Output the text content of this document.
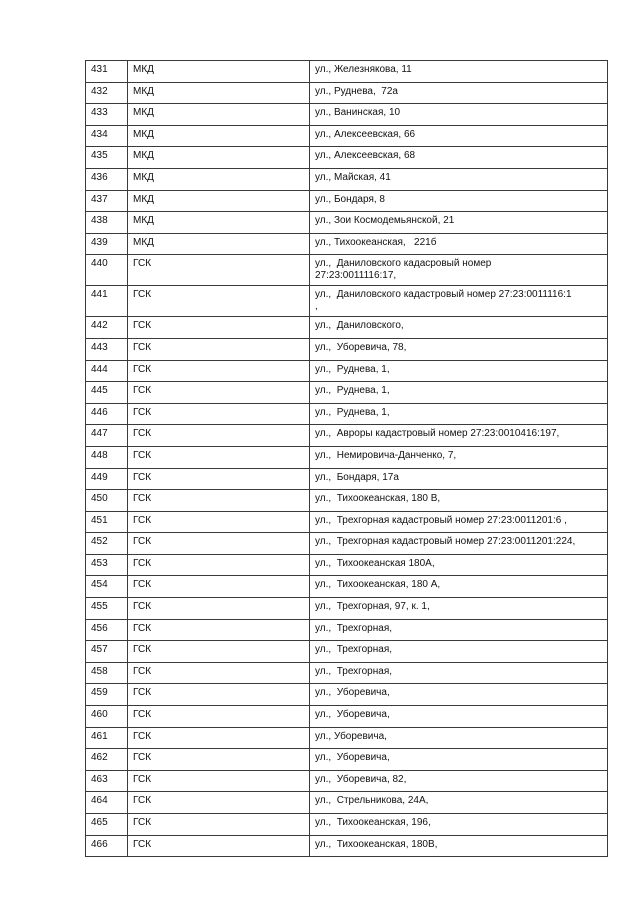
431	МКД	ул., Железнякова, 11
432	МКД	ул., Руднева,  72а
433	МКД	ул., Ванинская, 10
434	МКД	ул., Алексеевская, 66
435	МКД	ул., Алексеевская, 68
436	МКД	ул., Майская, 41
437	МКД	ул., Бондаря, 8
438	МКД	ул., Зои Космодемьянской, 21
439	МКД	ул., Тихоокеанская,   221б
440	ГСК	ул.,  Даниловского кадасровый номер
27:23:0011116:17,
441	ГСК	ул.,  Даниловского кадастровый номер 27:23:0011116:1
,
442	ГСК	ул.,  Даниловского,
443	ГСК	ул.,  Уборевича, 78,
444	ГСК	ул.,  Руднева, 1,
445	ГСК	ул.,  Руднева, 1,
446	ГСК	ул.,  Руднева, 1,
447	ГСК	ул.,  Авроры кадастровый номер 27:23:0010416:197,
448	ГСК	ул.,  Немировича-Данченко, 7,
449	ГСК	ул.,  Бондаря, 17а
450	ГСК	ул.,  Тихоокеанская, 180 В,
451	ГСК	ул.,  Трехгорная кадастровый номер 27:23:0011201:6 ,
452	ГСК	ул.,  Трехгорная кадастровый номер 27:23:0011201:224,
453	ГСК	ул.,  Тихоокеанская 180А,
454	ГСК	ул.,  Тихоокеанская, 180 А,
455	ГСК	ул.,  Трехгорная, 97, к. 1,
456	ГСК	ул.,  Трехгорная,
457	ГСК	ул.,  Трехгорная,
458	ГСК	ул.,  Трехгорная,
459	ГСК	ул.,  Уборевича,
460	ГСК	ул.,  Уборевича,
461	ГСК	ул., Уборевича,
462	ГСК	ул.,  Уборевича,
463	ГСК	ул.,  Уборевича, 82,
464	ГСК	ул.,  Стрельникова, 24А,
465	ГСК	ул.,  Тихоокеанская, 196,
466	ГСК	ул.,  Тихоокеанская, 180В,
